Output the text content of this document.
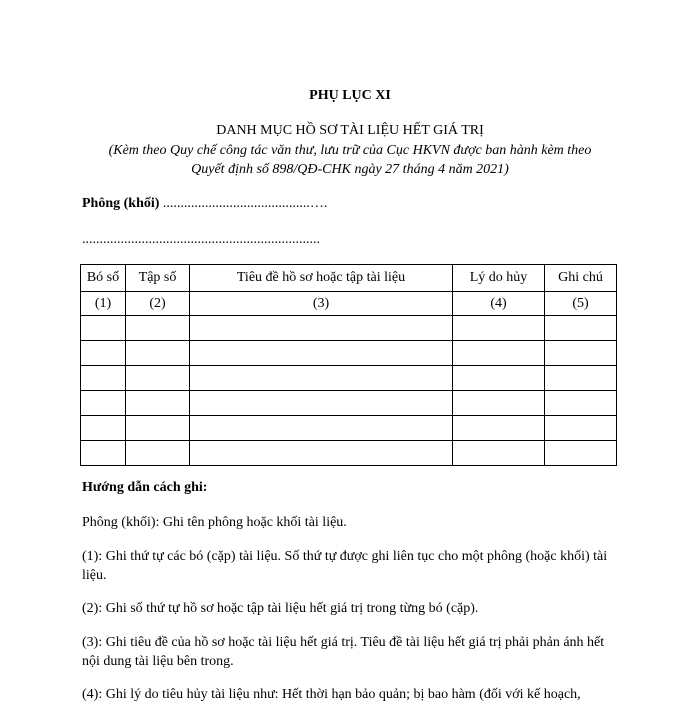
PHỤ LỤC XI
DANH MỤC HỒ SƠ TÀI LIỆU HẾT GIÁ TRỊ
(Kèm theo Quy chế công tác văn thư, lưu trữ của Cục HKVN được ban hành kèm theo
Quyết định số 898/QĐ-CHK ngày 27 tháng 4 năm 2021)
Phông (khối) ..........................................….
....................................................................
Bó số	Tập số	Tiêu đề hồ sơ hoặc tập tài liệu	Lý do hủy	Ghi chú
(1)	(2)	(3)	(4)	(5)

Hướng dẫn cách ghi:
Phông (khối): Ghi tên phông hoặc khối tài liệu.
(1): Ghi thứ tự các bó (cặp) tài liệu. Số thứ tự được ghi liên tục cho một phông (hoặc khối) tài liệu.
(2): Ghi số thứ tự hồ sơ hoặc tập tài liệu hết giá trị trong từng bó (cặp).
(3): Ghi tiêu đề của hồ sơ hoặc tài liệu hết giá trị. Tiêu đề tài liệu hết giá trị phải phản ánh hết nội dung tài liệu bên trong.
(4): Ghi lý do tiêu hủy tài liệu như: Hết thời hạn bảo quản; bị bao hàm (đối với kế hoạch,
